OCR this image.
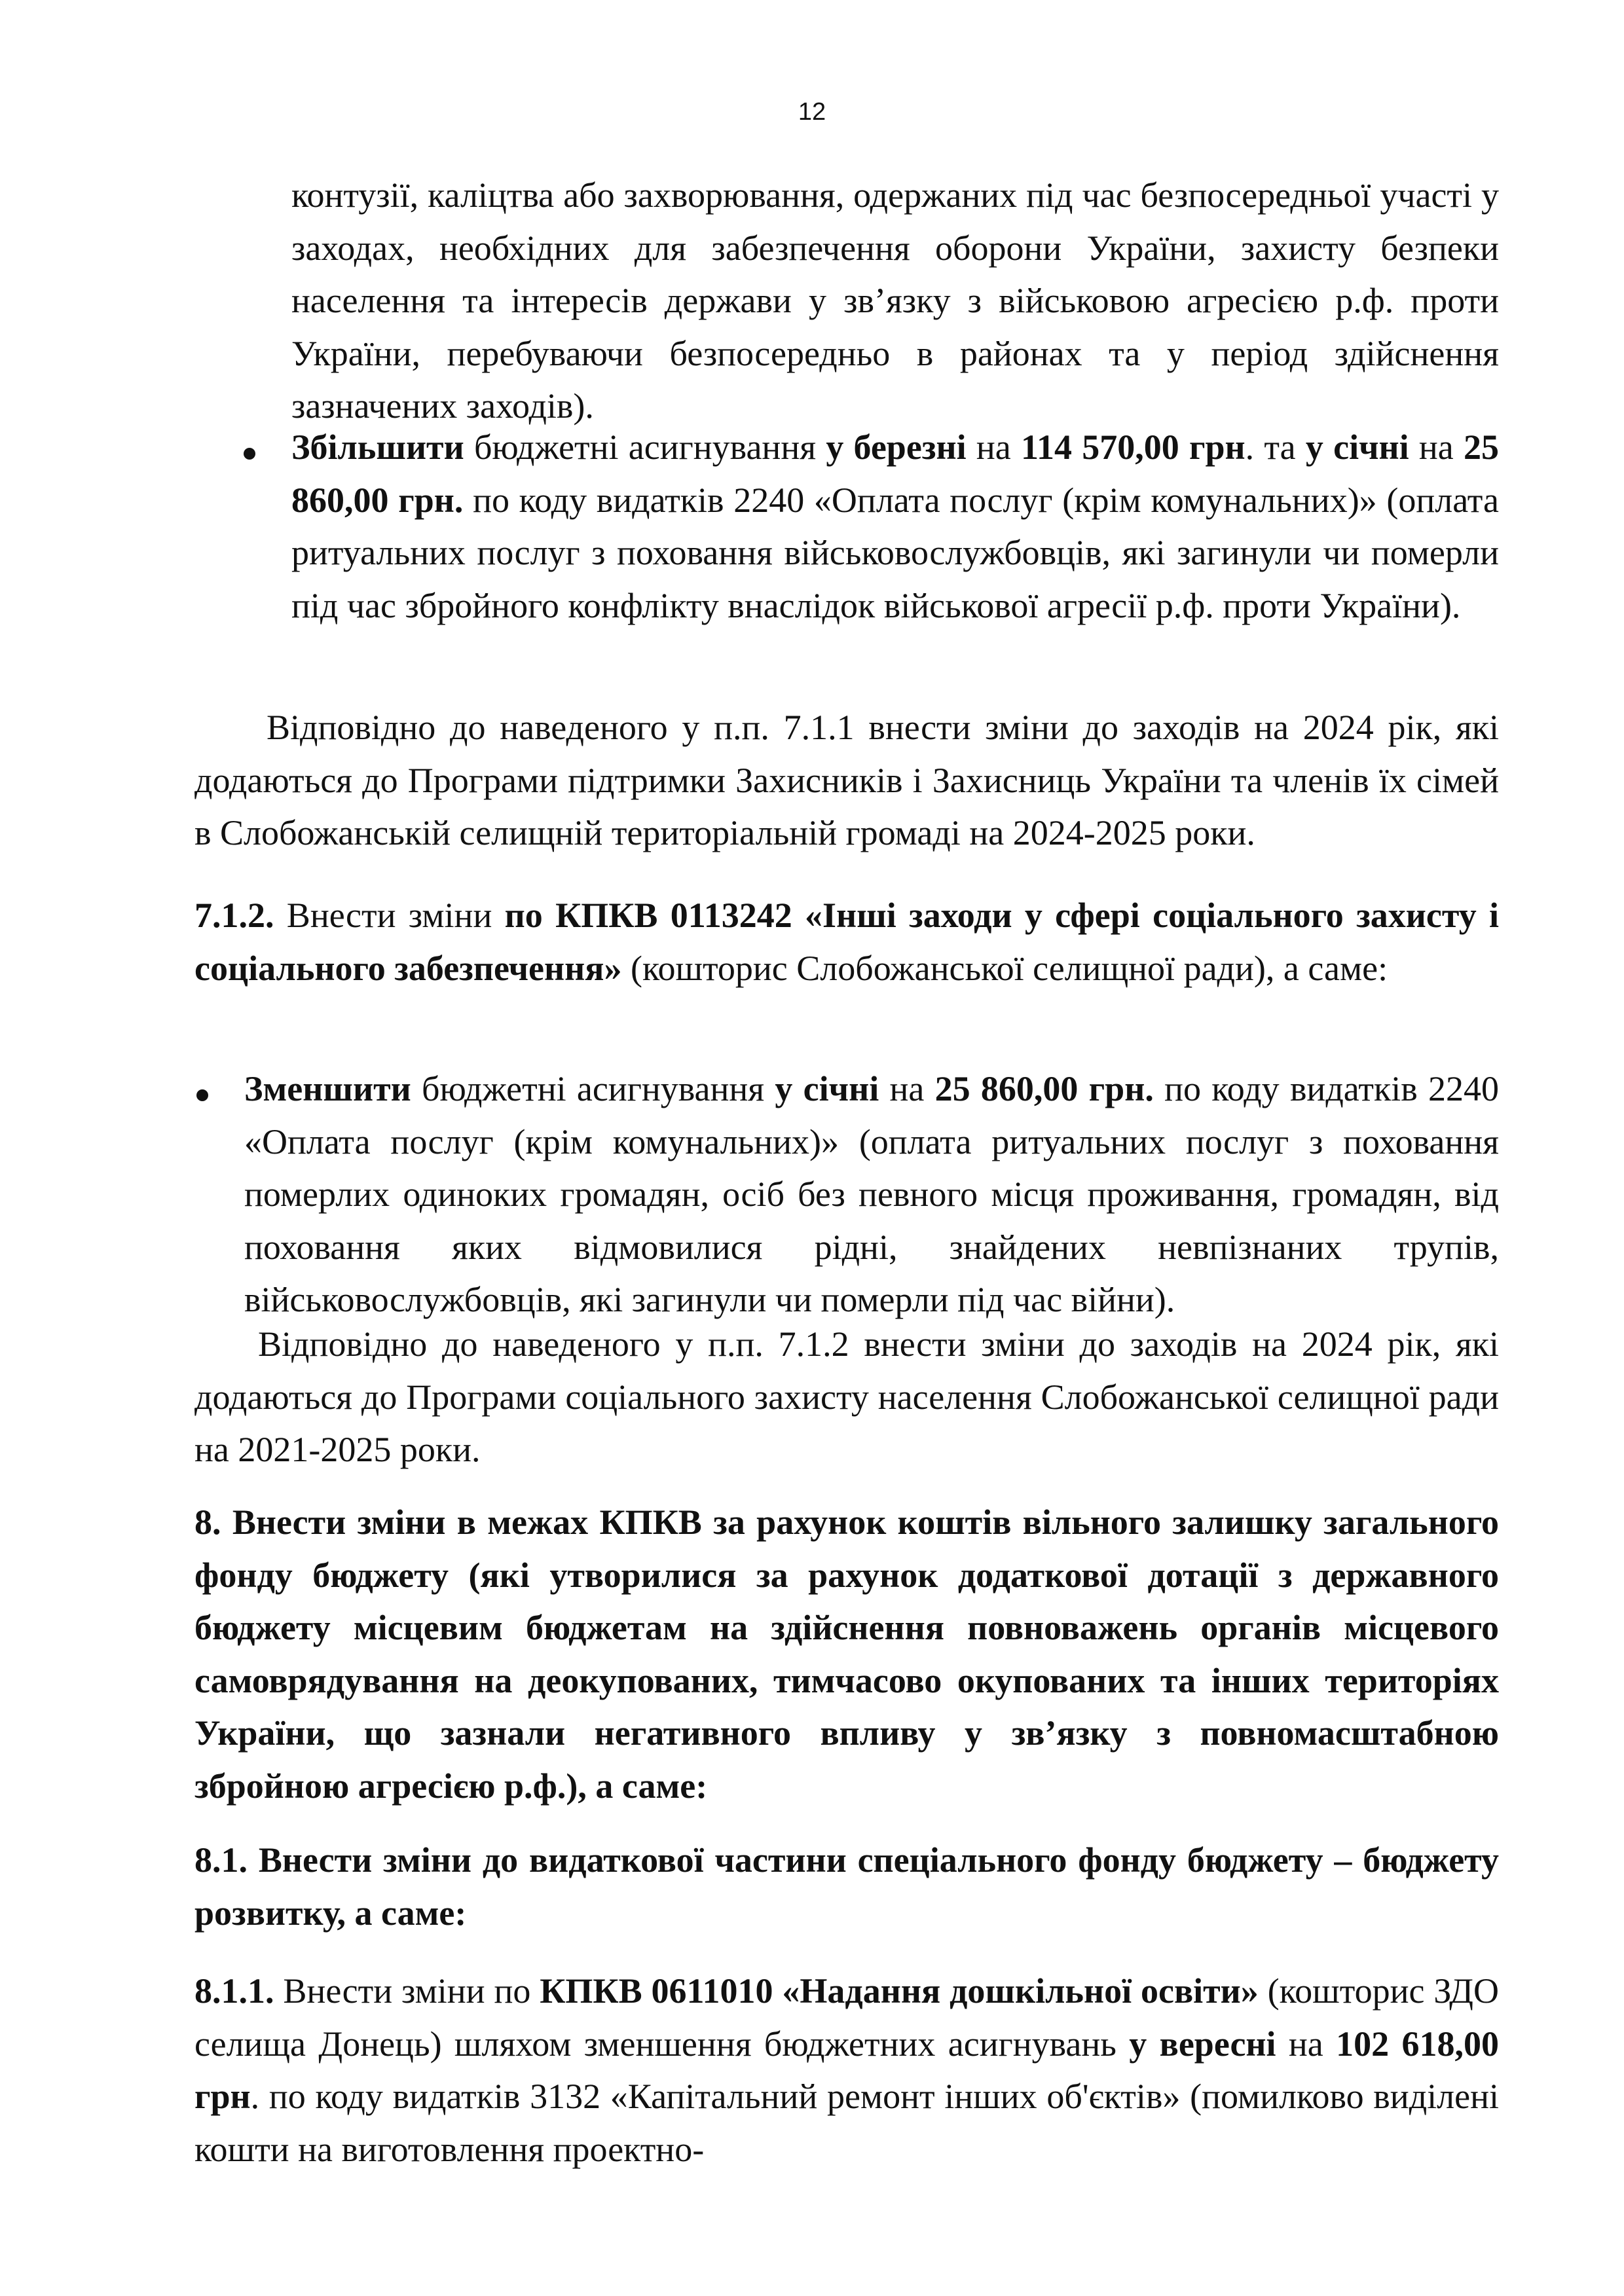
12

контузії, каліцтва або захворювання, одержаних під час безпосередньої участі у заходах, необхідних для забезпечення оборони України, захисту безпеки населення та інтересів держави у зв’язку з військовою агресією р.ф. проти України, перебуваючи безпосередньо в районах та у період здійснення зазначених заходів).

Збільшити бюджетні асигнування у березні на 114 570,00 грн. та у січні на 25 860,00 грн. по коду видатків 2240 «Оплата послуг (крім комунальних)» (оплата ритуальних послуг з поховання військовослужбовців, які загинули чи померли під час збройного конфлікту внаслідок військової агресії р.ф. проти України).

Відповідно до наведеного у п.п. 7.1.1 внести зміни до заходів на 2024 рік, які додаються до Програми підтримки Захисників і Захисниць України та членів їх сімей в Слобожанській селищній територіальній громаді на 2024-2025 роки.

7.1.2. Внести зміни по КПКВ 0113242 «Інші заходи у сфері соціального захисту і соціального забезпечення» (кошторис Слобожанської селищної ради), а саме:

Зменшити бюджетні асигнування у січні на 25 860,00 грн. по коду видатків 2240 «Оплата послуг (крім комунальних)» (оплата ритуальних послуг з поховання померлих одиноких громадян, осіб без певного місця проживання, громадян, від поховання яких відмовилися рідні, знайдених невпізнаних трупів, військовослужбовців, які загинули чи померли під час війни).

Відповідно до наведеного у п.п. 7.1.2 внести зміни до заходів на 2024 рік, які додаються до Програми соціального захисту населення Слобожанської селищної ради на 2021-2025 роки.

8. Внести зміни в межах КПКВ за рахунок коштів вільного залишку загального фонду бюджету (які утворилися за рахунок додаткової дотації з державного бюджету місцевим бюджетам на здійснення повноважень органів місцевого самоврядування на деокупованих, тимчасово окупованих та інших територіях України, що зазнали негативного впливу у зв’язку з повномасштабною збройною агресією р.ф.), а саме:

8.1. Внести зміни до видаткової частини спеціального фонду бюджету – бюджету розвитку, а саме:

8.1.1. Внести зміни по КПКВ 0611010 «Надання дошкільної освіти» (кошторис ЗДО селища Донець) шляхом зменшення бюджетних асигнувань у вересні на 102 618,00 грн. по коду видатків 3132 «Капітальний ремонт інших об'єктів» (помилково виділені кошти на виготовлення проектно-
